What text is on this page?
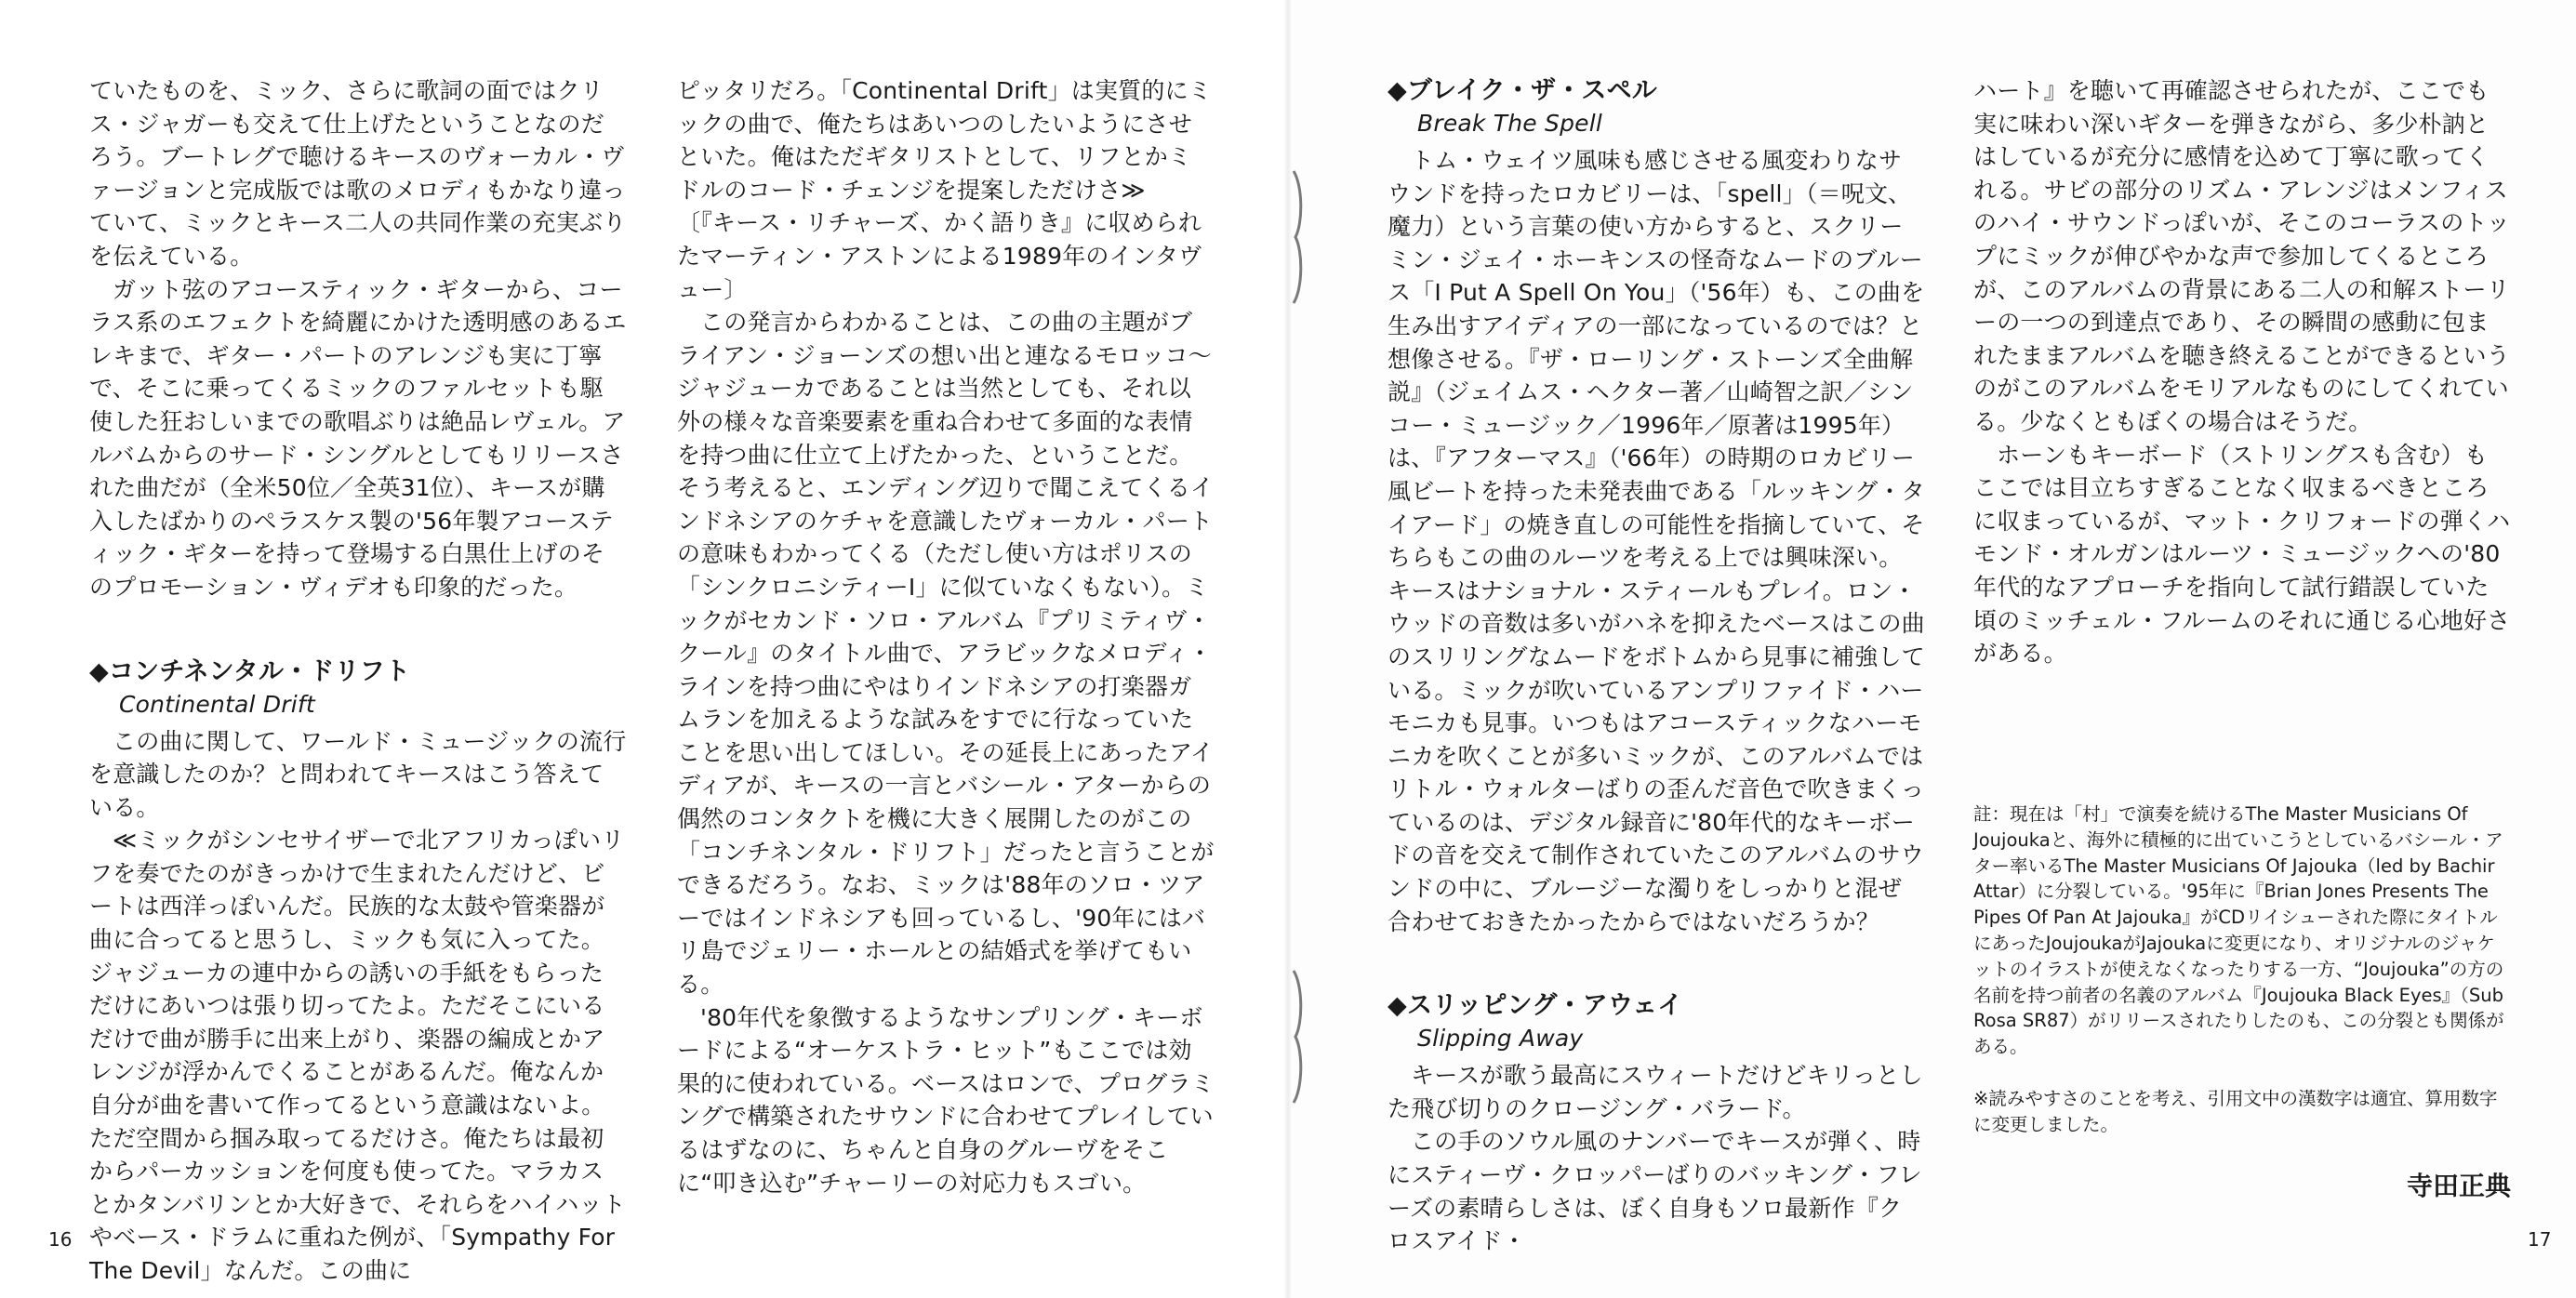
ていたものを、ミック、さらに歌詞の面ではクリス・ジャガーも交えて仕上げたということなのだろう。ブートレグで聴けるキースのヴォーカル・ヴァージョンと完成版では歌のメロディもかなり違っていて、ミックとキース二人の共同作業の充実ぶりを伝えている。

ガット弦のアコースティック・ギターから、コーラス系のエフェクトを綺麗にかけた透明感のあるエレキまで、ギター・パートのアレンジも実に丁寧で、そこに乗ってくるミックのファルセットも駆使した狂おしいまでの歌唱ぶりは絶品レヴェル。アルバムからのサード・シングルとしてもリリースされた曲だが（全米50位／全英31位）、キースが購入したばかりのペラスケス製の'56年製アコースティック・ギターを持って登場する白黒仕上げのそのプロモーション・ヴィデオも印象的だった。

◆コンチネンタル・ドリフト
Continental Drift

この曲に関して、ワールド・ミュージックの流行を意識したのか？と問われてキースはこう答えている。

≪ミックがシンセサイザーで北アフリカっぽいリフを奏でたのがきっかけで生まれたんだけど、ビートは西洋っぽいんだ。民族的な太鼓や管楽器が曲に合ってると思うし、ミックも気に入ってた。ジャジューカの連中からの誘いの手紙をもらっただけにあいつは張り切ってたよ。ただそこにいるだけで曲が勝手に出来上がり、楽器の編成とかアレンジが浮かんでくることがあるんだ。俺なんか自分が曲を書いて作ってるという意識はないよ。ただ空間から掴み取ってるだけさ。俺たちは最初からパーカッションを何度も使ってた。マラカスとかタンバリンとか大好きで、それらをハイハットやベース・ドラムに重ねた例が、「Sympathy For The Devil」なんだ。この曲に

ピッタリだろ。「Continental Drift」は実質的にミックの曲で、俺たちはあいつのしたいようにさせといた。俺はただギタリストとして、リフとかミドルのコード・チェンジを提案しただけさ≫

〔『キース・リチャーズ、かく語りき』に収められたマーティン・アストンによる1989年のインタヴュー〕

この発言からわかることは、この曲の主題がブライアン・ジョーンズの想い出と連なるモロッコ〜ジャジューカであることは当然としても、それ以外の様々な音楽要素を重ね合わせて多面的な表情を持つ曲に仕立て上げたかった、ということだ。そう考えると、エンディング辺りで聞こえてくるインドネシアのケチャを意識したヴォーカル・パートの意味もわかってくる（ただし使い方はポリスの「シンクロニシティーⅠ」に似ていなくもない）。ミックがセカンド・ソロ・アルバム『プリミティヴ・クール』のタイトル曲で、アラビックなメロディ・ラインを持つ曲にやはりインドネシアの打楽器ガムランを加えるような試みをすでに行なっていたことを思い出してほしい。その延長上にあったアイディアが、キースの一言とバシール・アターからの偶然のコンタクトを機に大きく展開したのがこの「コンチネンタル・ドリフト」だったと言うことができるだろう。なお、ミックは'88年のソロ・ツアーではインドネシアも回っているし、'90年にはバリ島でジェリー・ホールとの結婚式を挙げてもいる。

'80年代を象徴するようなサンプリング・キーボードによる“オーケストラ・ヒット”もここでは効果的に使われている。ベースはロンで、プログラミングで構築されたサウンドに合わせてプレイしているはずなのに、ちゃんと自身のグルーヴをそこに“叩き込む”チャーリーの対応力もスゴい。

◆ブレイク・ザ・スペル
Break The Spell

トム・ウェイツ風味も感じさせる風変わりなサウンドを持ったロカビリーは、「spell」（＝呪文、魔力）という言葉の使い方からすると、スクリーミン・ジェイ・ホーキンスの怪奇なムードのブルース「I Put A Spell On You」（'56年）も、この曲を生み出すアイディアの一部になっているのでは？と想像させる。『ザ・ローリング・ストーンズ全曲解説』（ジェイムス・ヘクター著／山崎智之訳／シンコー・ミュージック／1996年／原著は1995年）は、『アフターマス』（'66年）の時期のロカビリー風ビートを持った未発表曲である「ルッキング・タイアード」の焼き直しの可能性を指摘していて、そちらもこの曲のルーツを考える上では興味深い。キースはナショナル・スティールもプレイ。ロン・ウッドの音数は多いがハネを抑えたベースはこの曲のスリリングなムードをボトムから見事に補強している。ミックが吹いているアンプリファイド・ハーモニカも見事。いつもはアコースティックなハーモニカを吹くことが多いミックが、このアルバムではリトル・ウォルターばりの歪んだ音色で吹きまくっているのは、デジタル録音に'80年代的なキーボードの音を交えて制作されていたこのアルバムのサウンドの中に、ブルージーな濁りをしっかりと混ぜ合わせておきたかったからではないだろうか？

◆スリッピング・アウェイ
Slipping Away

キースが歌う最高にスウィートだけどキリっとした飛び切りのクロージング・バラード。

この手のソウル風のナンバーでキースが弾く、時にスティーヴ・クロッパーばりのバッキング・フレーズの素晴らしさは、ぼく自身もソロ最新作『クロスアイド・

ハート』を聴いて再確認させられたが、ここでも実に味わい深いギターを弾きながら、多少朴訥とはしているが充分に感情を込めて丁寧に歌ってくれる。サビの部分のリズム・アレンジはメンフィスのハイ・サウンドっぽいが、そこのコーラスのトップにミックが伸びやかな声で参加してくるところが、このアルバムの背景にある二人の和解ストーリーの一つの到達点であり、その瞬間の感動に包まれたままアルバムを聴き終えることができるというのがこのアルバムをモリアルなものにしてくれている。少なくともぼくの場合はそうだ。

ホーンもキーボード（ストリングスも含む）もここでは目立ちすぎることなく収まるべきところに収まっているが、マット・クリフォードの弾くハモンド・オルガンはルーツ・ミュージックへの'80年代的なアプローチを指向して試行錯誤していた頃のミッチェル・フルームのそれに通じる心地好さがある。

註：現在は「村」で演奏を続けるThe Master Musicians Of Joujoukaと、海外に積極的に出ていこうとしているバシール・アター率いるThe Master Musicians Of Jajouka（led by Bachir Attar）に分裂している。'95年に『Brian Jones Presents The Pipes Of Pan At Jajouka』がCDリイシューされた際にタイトルにあったJoujoukaがJajoukaに変更になり、オリジナルのジャケットのイラストが使えなくなったりする一方、“Joujouka”の方の名前を持つ前者の名義のアルバム『Joujouka Black Eyes』（Sub Rosa SR87）がリリースされたりしたのも、この分裂とも関係がある。

※読みやすさのことを考え、引用文中の漢数字は適宜、算用数字に変更しました。

寺田正典
16	17
